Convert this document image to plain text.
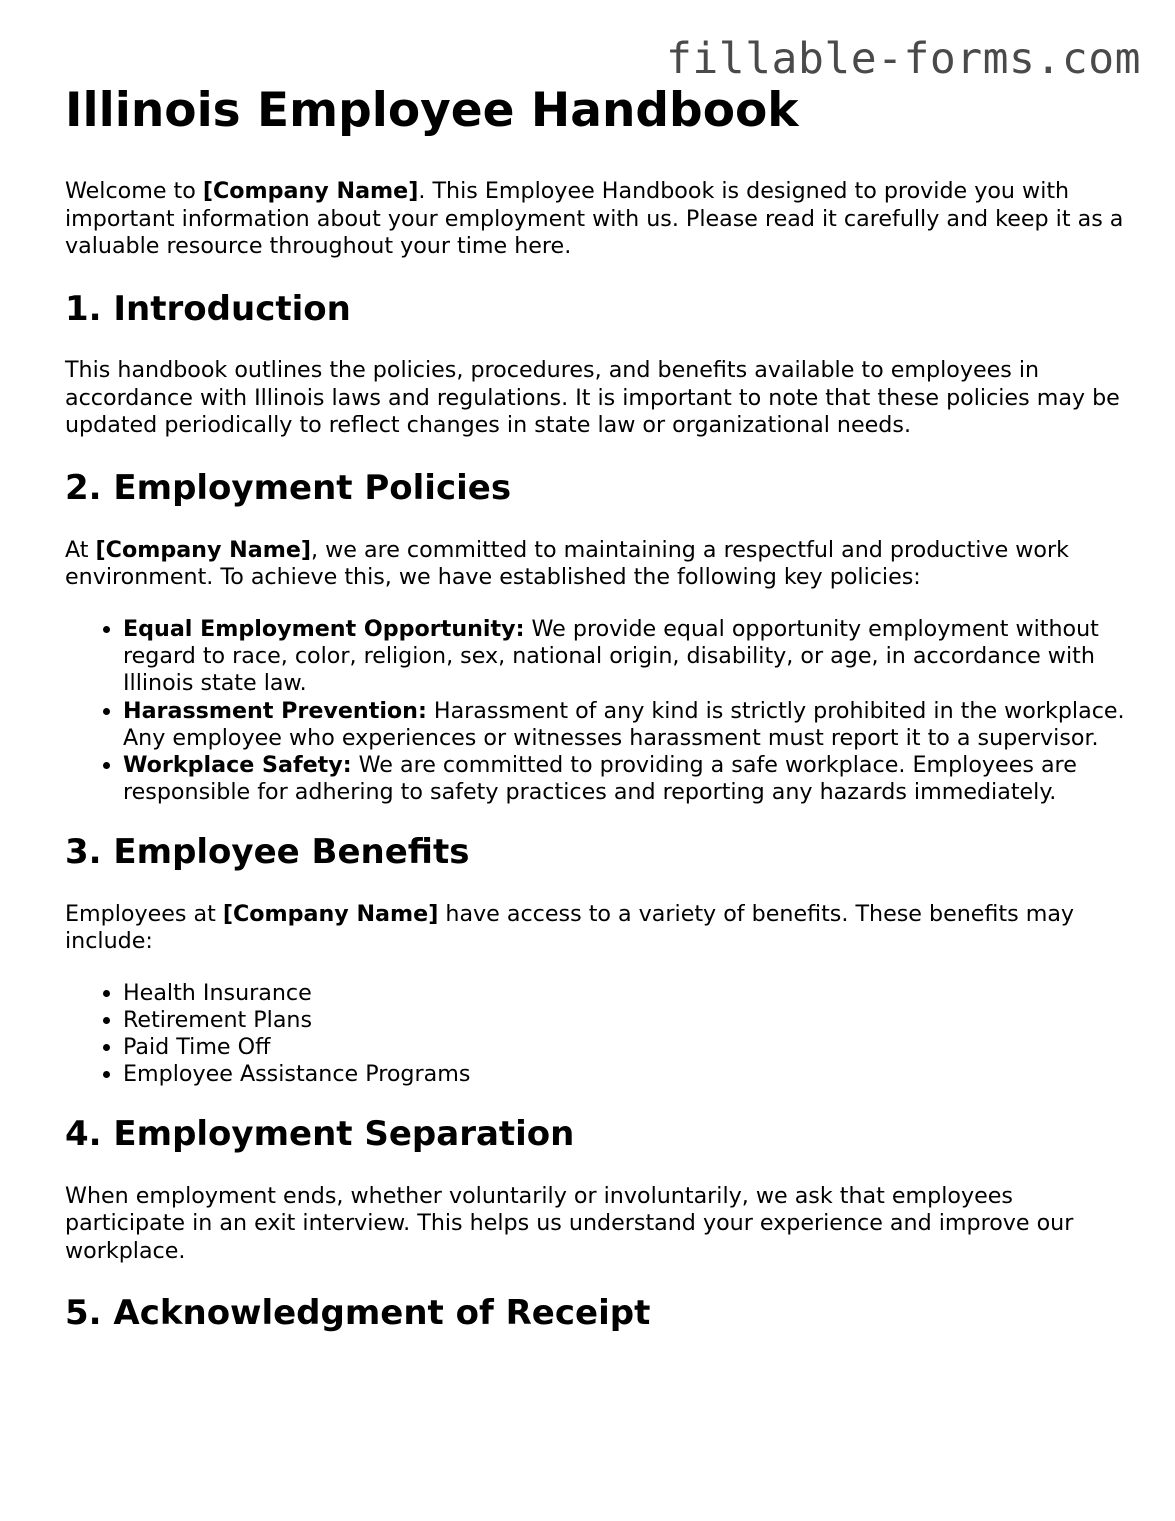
fillable-forms.com
Illinois Employee Handbook

Welcome to [Company Name]. This Employee Handbook is designed to provide you with important information about your employment with us. Please read it carefully and keep it as a valuable resource throughout your time here.

1. Introduction

This handbook outlines the policies, procedures, and benefits available to employees in accordance with Illinois laws and regulations. It is important to note that these policies may be updated periodically to reflect changes in state law or organizational needs.

2. Employment Policies

At [Company Name], we are committed to maintaining a respectful and productive work environment. To achieve this, we have established the following key policies:

• Equal Employment Opportunity: We provide equal opportunity employment without regard to race, color, religion, sex, national origin, disability, or age, in accordance with Illinois state law.
• Harassment Prevention: Harassment of any kind is strictly prohibited in the workplace. Any employee who experiences or witnesses harassment must report it to a supervisor.
• Workplace Safety: We are committed to providing a safe workplace. Employees are responsible for adhering to safety practices and reporting any hazards immediately.
3. Employee Benefits

Employees at [Company Name] have access to a variety of benefits. These benefits may include:

• Health Insurance
• Retirement Plans
• Paid Time Off
• Employee Assistance Programs
4. Employment Separation

When employment ends, whether voluntarily or involuntarily, we ask that employees participate in an exit interview. This helps us understand your experience and improve our workplace.

5. Acknowledgment of Receipt
